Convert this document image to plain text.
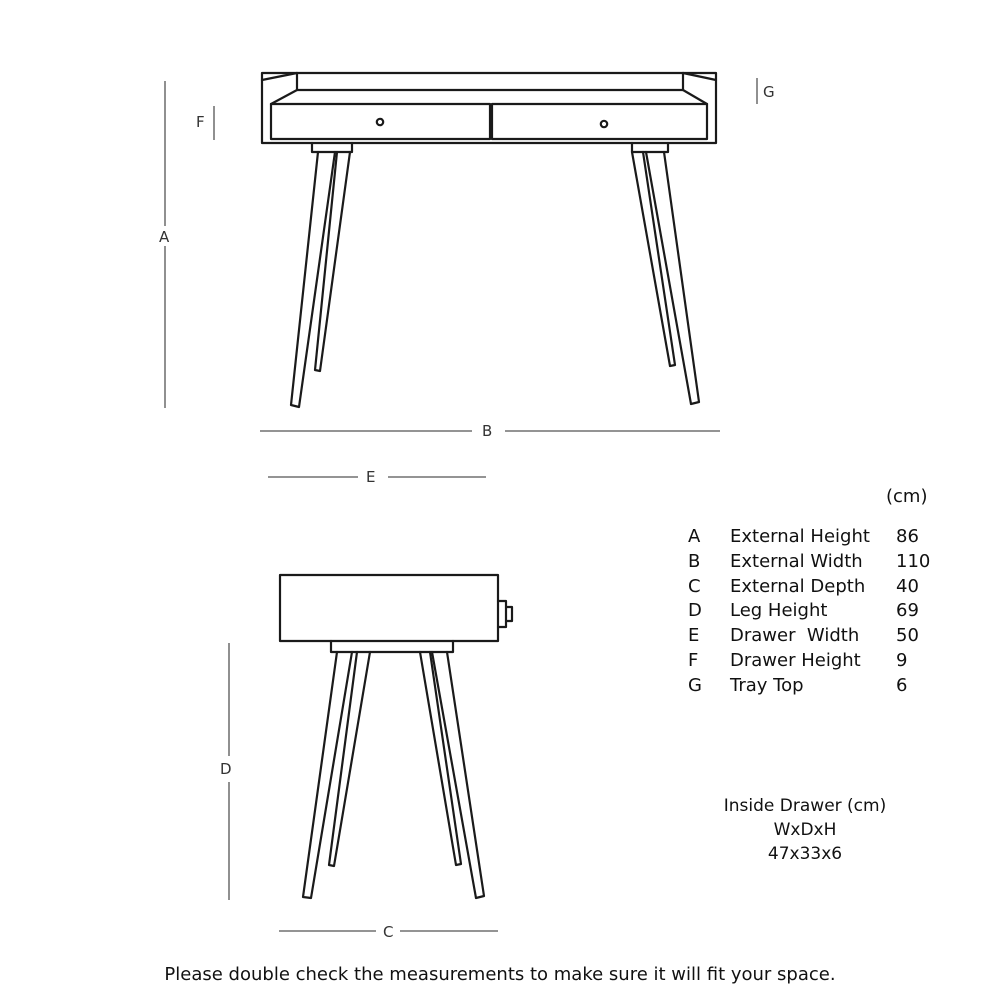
A
B
E
F
G
D
C
(cm)
A	External Height	86
B	External Width	110
C	External Depth	40
D	Leg Height	69
E	Drawer  Width	50
F	Drawer Height	9
G	Tray Top	6
Inside Drawer (cm)
WxDxH
47x33x6
Please double check the measurements to make sure it will fit your space.
